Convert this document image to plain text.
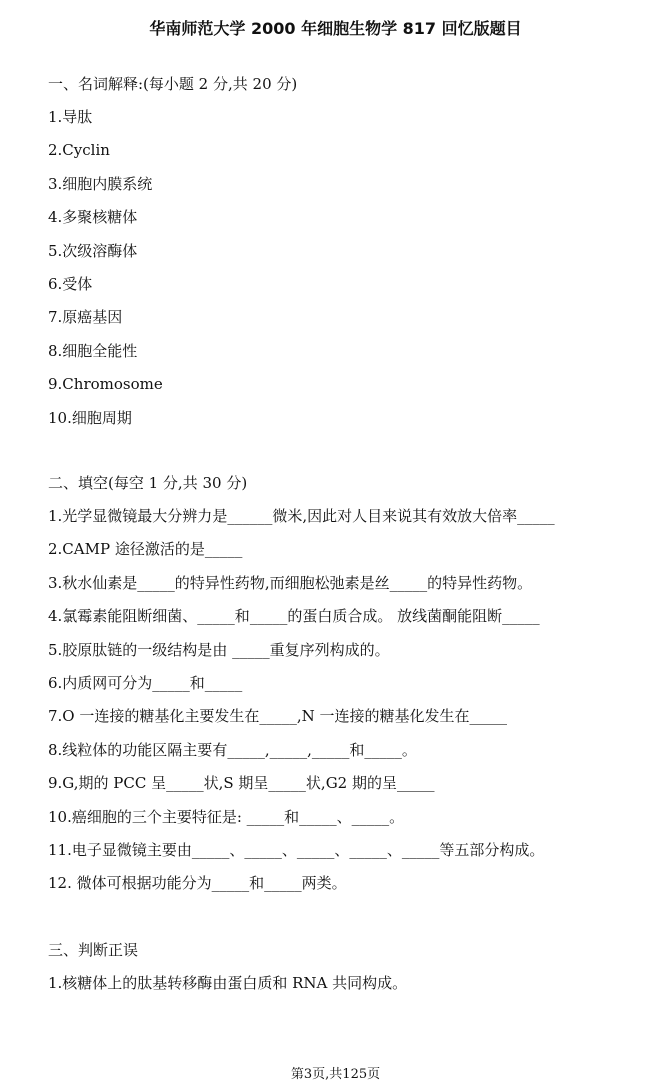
华南师范大学 2000 年细胞生物学 817 回忆版题目
一、名词解释:(每小题 2 分,共 20 分)
1.导肽
2.Cyclin
3.细胞内膜系统
4.多聚核糖体
5.次级溶酶体
6.受体
7.原癌基因
8.细胞全能性
9.Chromosome
10.细胞周期
二、填空(每空 1 分,共 30 分)
1.光学显微镜最大分辨力是______微米,因此对人目来说其有效放大倍率_____
2.CAMP 途径激活的是_____
3.秋水仙素是_____的特异性药物,而细胞松弛素是丝_____的特异性药物。
4.氯霉素能阻断细菌、_____和_____的蛋白质合成。 放线菌酮能阻断_____
5.胶原肽链的一级结构是由 _____重复序列构成的。
6.内质网可分为_____和_____
7.O 一连接的糖基化主要发生在_____,N 一连接的糖基化发生在_____
8.线粒体的功能区隔主要有_____,_____,_____和_____。
9.G,期的 PCC 呈_____状,S 期呈_____状,G2 期的呈_____
10.癌细胞的三个主要特征是: _____和_____、_____。
11.电子显微镜主要由_____、_____、_____、_____、_____等五部分构成。
12. 微体可根据功能分为_____和_____两类。
三、判断正误
1.核糖体上的肽基转移酶由蛋白质和 RNA 共同构成。
第3页,共125页
